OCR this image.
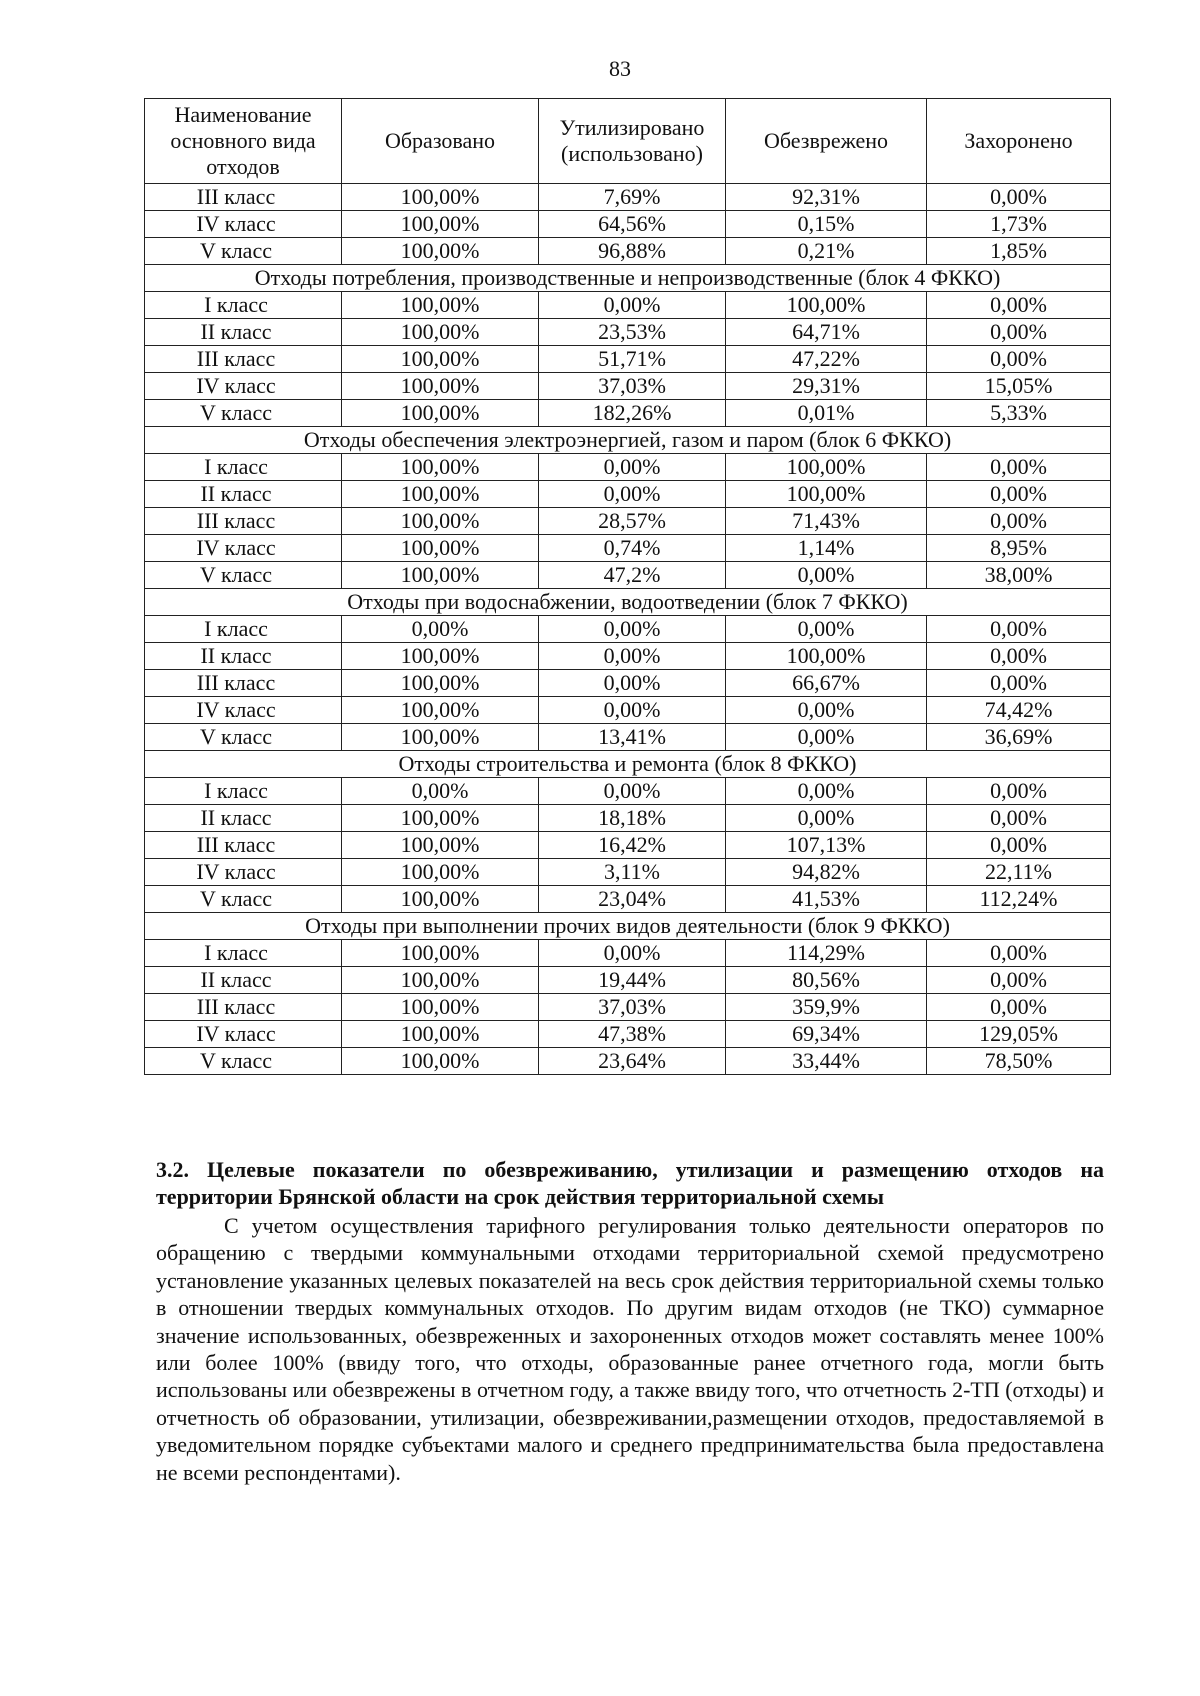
83
Наименование основного вида отходов	Образовано	Утилизировано (использовано)	Обезврежено	Захоронено
III класс	100,00%	7,69%	92,31%	0,00%
IV класс	100,00%	64,56%	0,15%	1,73%
V класс	100,00%	96,88%	0,21%	1,85%
Отходы потребления, производственные и непроизводственные (блок 4 ФККО)				
I класс	100,00%	0,00%	100,00%	0,00%
II класс	100,00%	23,53%	64,71%	0,00%
III класс	100,00%	51,71%	47,22%	0,00%
IV класс	100,00%	37,03%	29,31%	15,05%
V класс	100,00%	182,26%	0,01%	5,33%
Отходы обеспечения электроэнергией, газом и паром (блок 6 ФККО)				
I класс	100,00%	0,00%	100,00%	0,00%
II класс	100,00%	0,00%	100,00%	0,00%
III класс	100,00%	28,57%	71,43%	0,00%
IV класс	100,00%	0,74%	1,14%	8,95%
V класс	100,00%	47,2%	0,00%	38,00%
Отходы при водоснабжении, водоотведении (блок 7 ФККО)				
I класс	0,00%	0,00%	0,00%	0,00%
II класс	100,00%	0,00%	100,00%	0,00%
III класс	100,00%	0,00%	66,67%	0,00%
IV класс	100,00%	0,00%	0,00%	74,42%
V класс	100,00%	13,41%	0,00%	36,69%
Отходы строительства и ремонта (блок 8 ФККО)				
I класс	0,00%	0,00%	0,00%	0,00%
II класс	100,00%	18,18%	0,00%	0,00%
III класс	100,00%	16,42%	107,13%	0,00%
IV класс	100,00%	3,11%	94,82%	22,11%
V класс	100,00%	23,04%	41,53%	112,24%
Отходы при выполнении прочих видов деятельности (блок 9 ФККО)				
I класс	100,00%	0,00%	114,29%	0,00%
II класс	100,00%	19,44%	80,56%	0,00%
III класс	100,00%	37,03%	359,9%	0,00%
IV класс	100,00%	47,38%	69,34%	129,05%
V класс	100,00%	23,64%	33,44%	78,50%
3.2. Целевые показатели по обезвреживанию, утилизации и размещению отходов на территории Брянской области на срок действия территориальной схемы

С учетом осуществления тарифного регулирования только деятельности операторов по обращению с твердыми коммунальными отходами территориальной схемой предусмотрено установление указанных целевых показателей на весь срок действия территориальной схемы только в отношении твердых коммунальных отходов. По другим видам отходов (не ТКО) суммарное значение использованных, обезвреженных и захороненных отходов может составлять менее 100% или более 100% (ввиду того, что отходы, образованные ранее отчетного года, могли быть использованы или обезврежены в отчетном году, а также ввиду того, что отчетность 2-ТП (отходы) и отчетность об образовании, утилизации, обезвреживании,размещении отходов, предоставляемой в уведомительном порядке субъектами малого и среднего предпринимательства была предоставлена не всеми респондентами).
